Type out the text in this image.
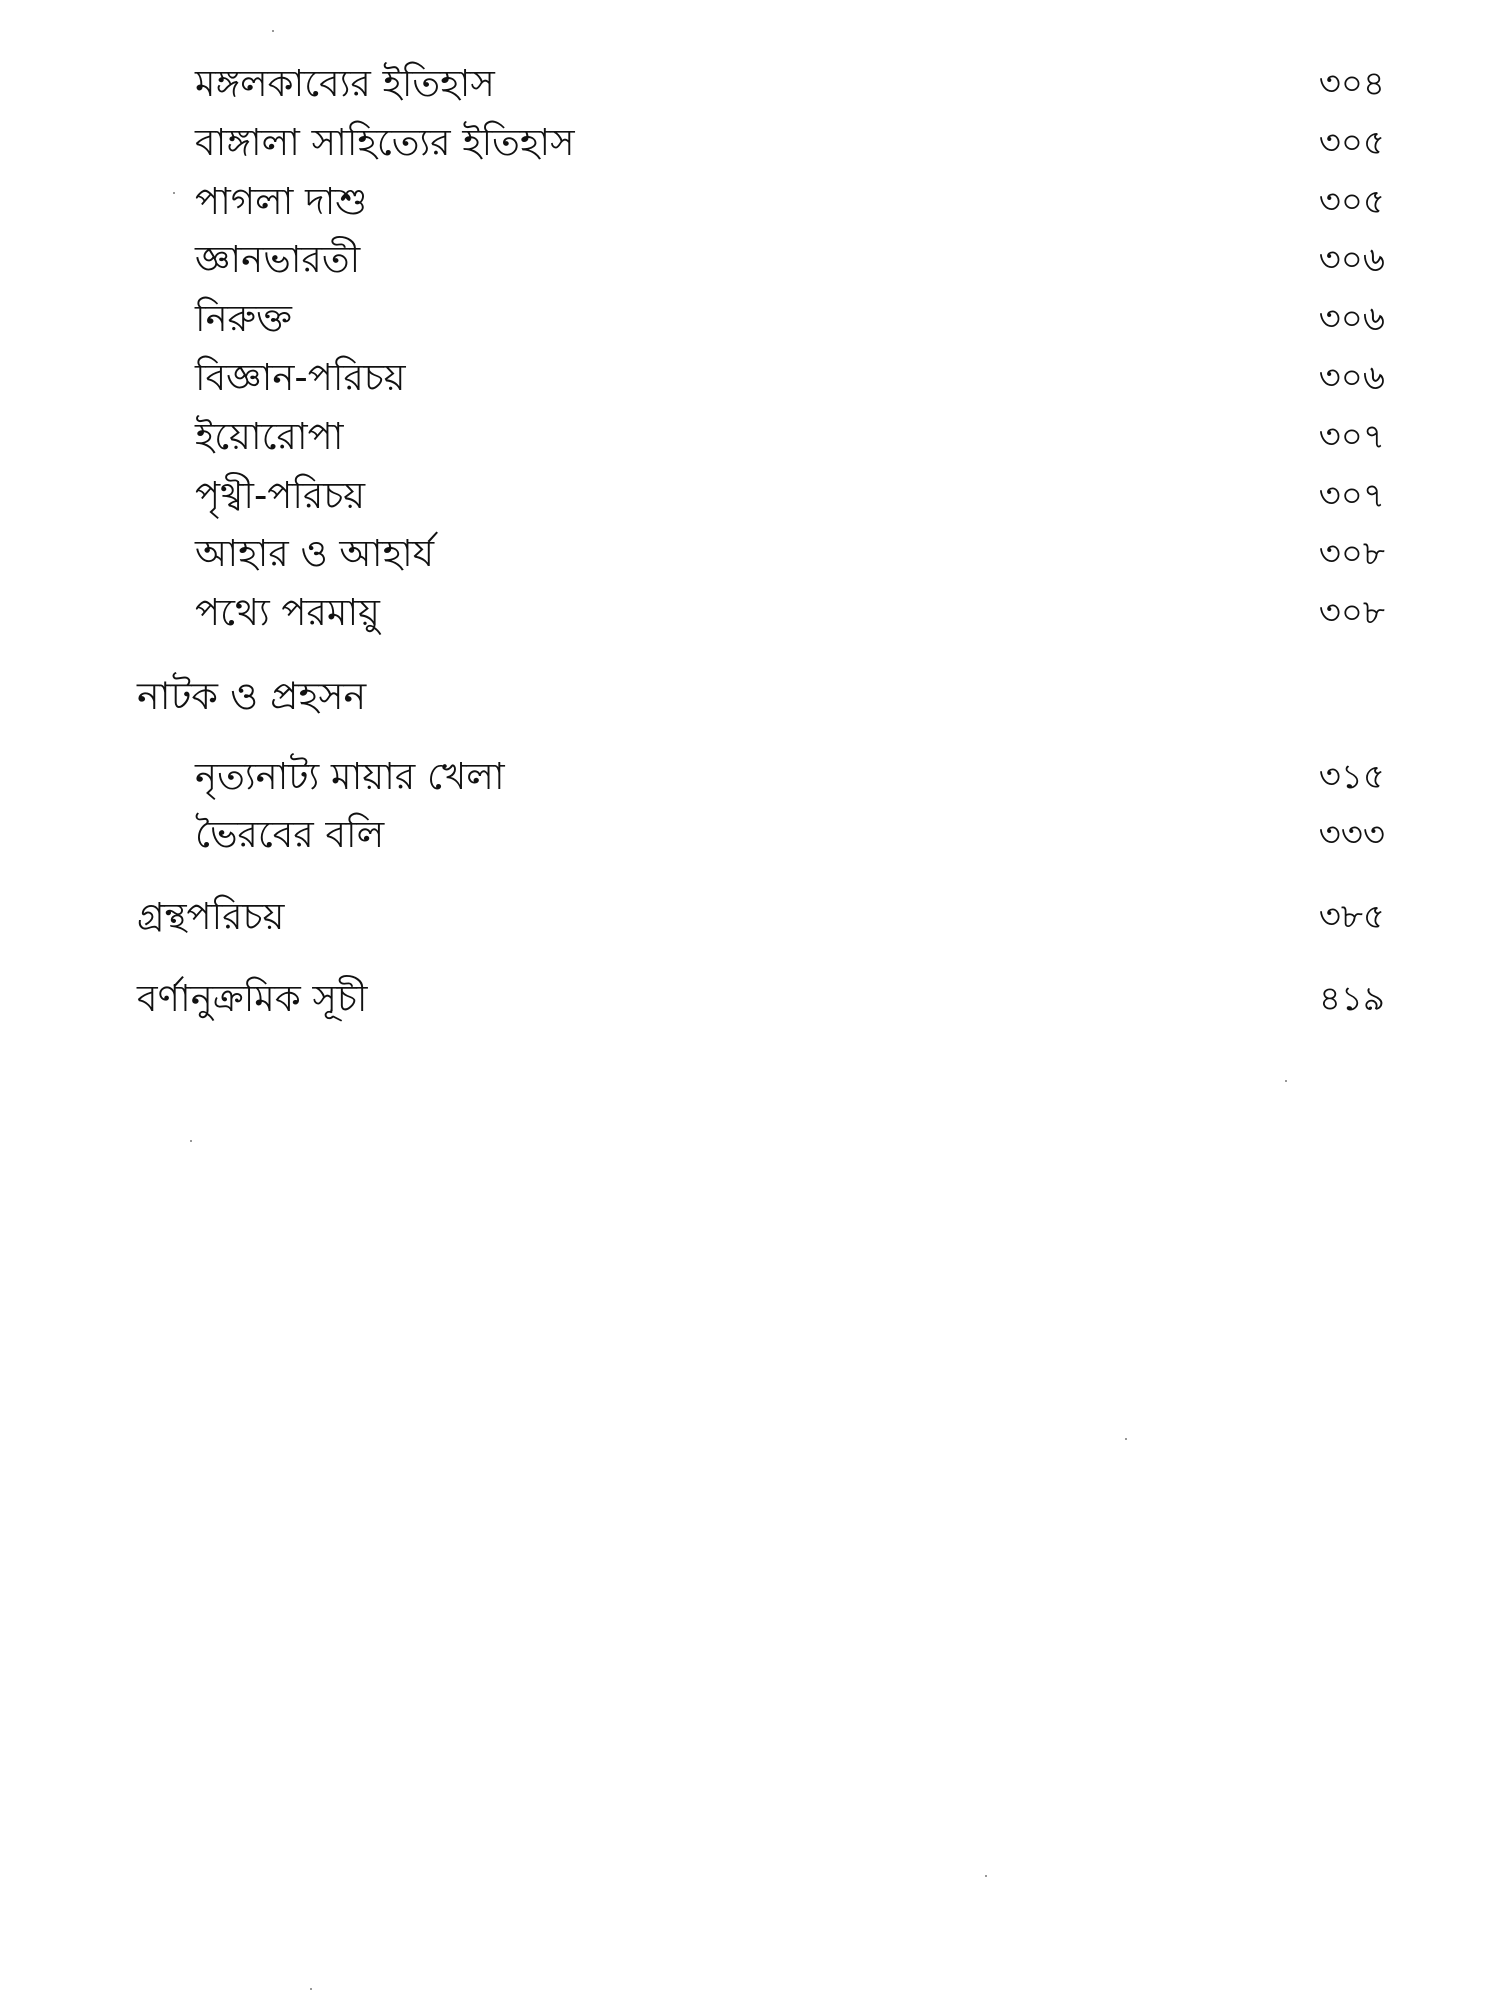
মঙ্গলকাব্যের ইতিহাস	৩০৪
বাঙ্গালা সাহিত্যের ইতিহাস	৩০৫
পাগলা দাশু	৩০৫
জ্ঞানভারতী	৩০৬
নিরুক্ত	৩০৬
বিজ্ঞান-পরিচয়	৩০৬
ইয়োরোপা	৩০৭
পৃথ্বী-পরিচয়	৩০৭
আহার ও আহার্য	৩০৮
পথ্যে পরমায়ু	৩০৮
নাটক ও প্রহসন
নৃত্যনাট্য মায়ার খেলা	৩১৫
ভৈরবের বলি	৩৩৩
গ্রন্থপরিচয়	৩৮৫
বর্ণানুক্রমিক সূচী	৪১৯
